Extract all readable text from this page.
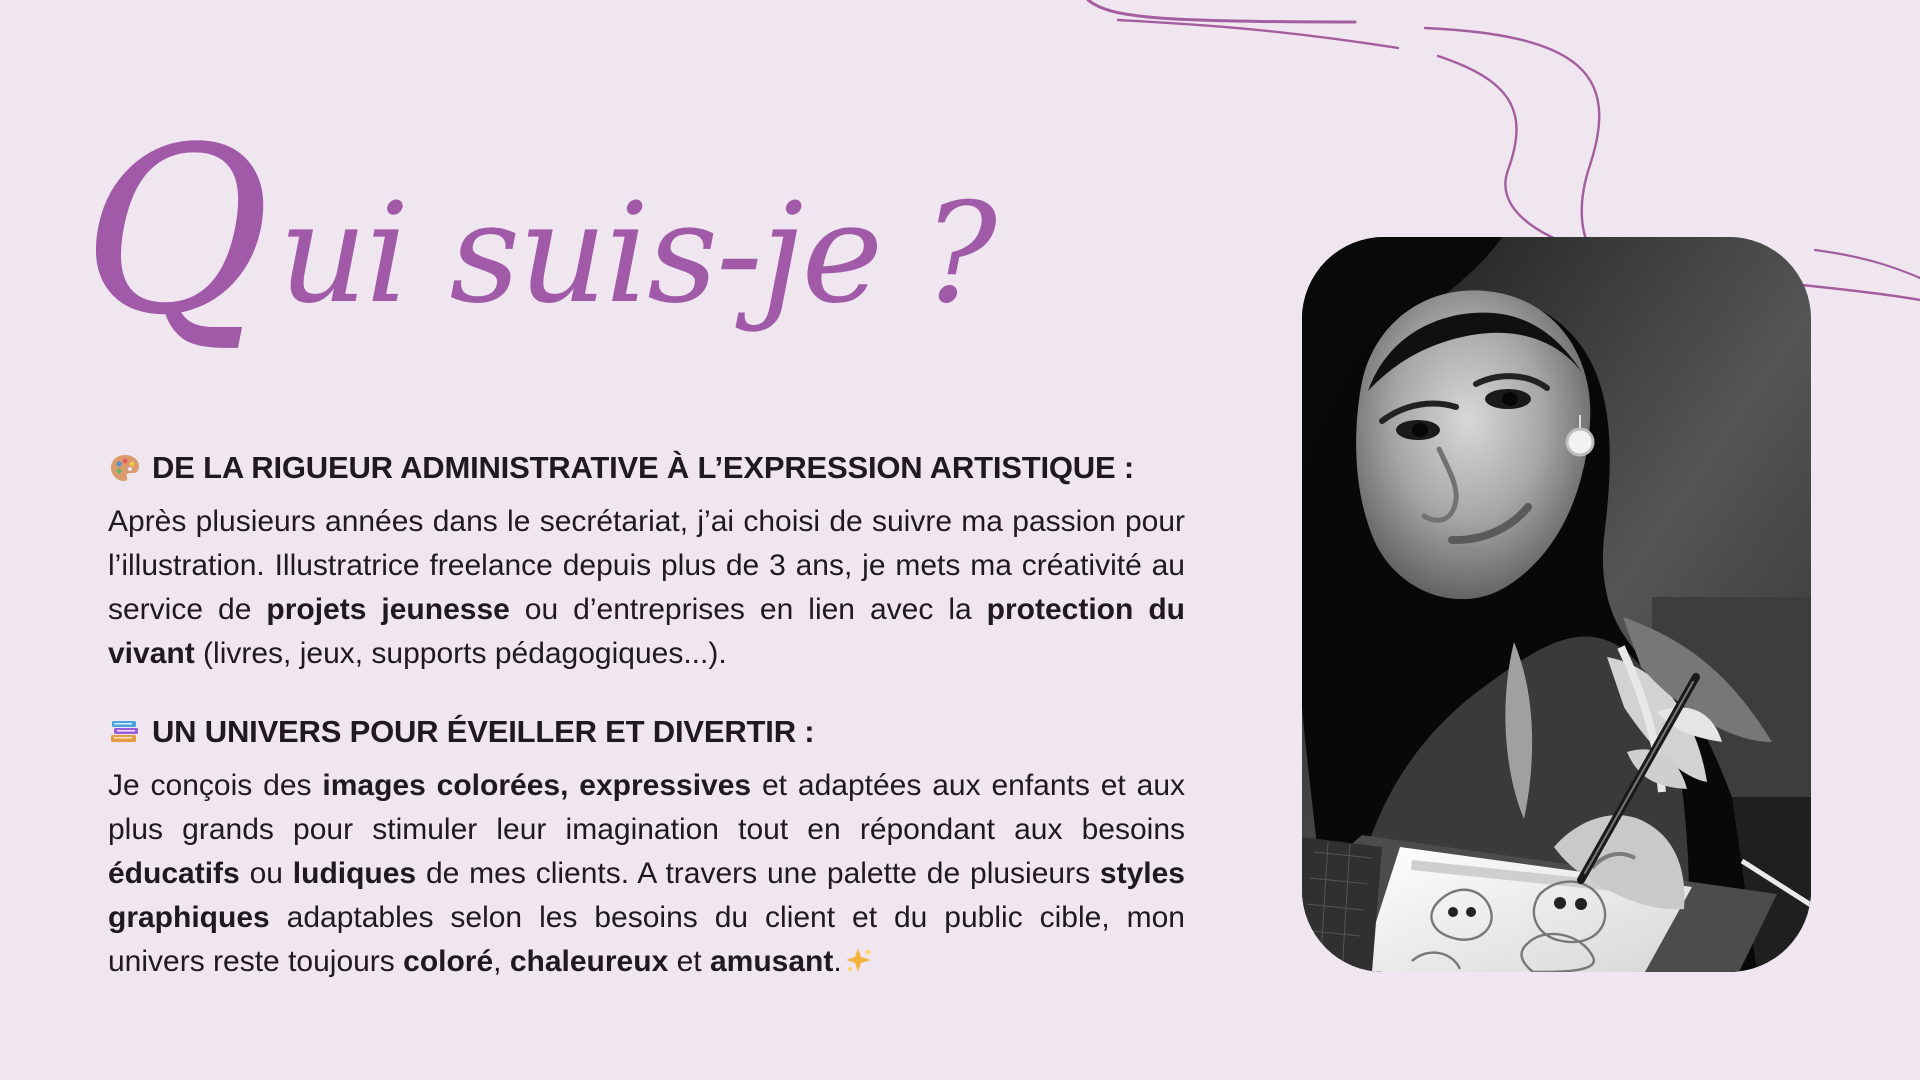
Qui suis-je ?
DE LA RIGUEUR ADMINISTRATIVE À L’EXPRESSION ARTISTIQUE :

Après plusieurs années dans le secrétariat, j’ai choisi de suivre ma passion pour l’illustration. Illustratrice freelance depuis plus de 3 ans, je mets ma créativité au service de projets jeunesse ou d’entreprises en lien avec la protection du vivant (livres, jeux, supports pédagogiques...).

UN UNIVERS POUR ÉVEILLER ET DIVERTIR :

Je conçois des images colorées, expressives et adaptées aux enfants et aux plus grands pour stimuler leur imagination tout en répondant aux besoins éducatifs ou ludiques de mes clients. A travers une palette de plusieurs styles graphiques adaptables selon les besoins du client et du public cible, mon univers reste toujours coloré, chaleureux et amusant.
